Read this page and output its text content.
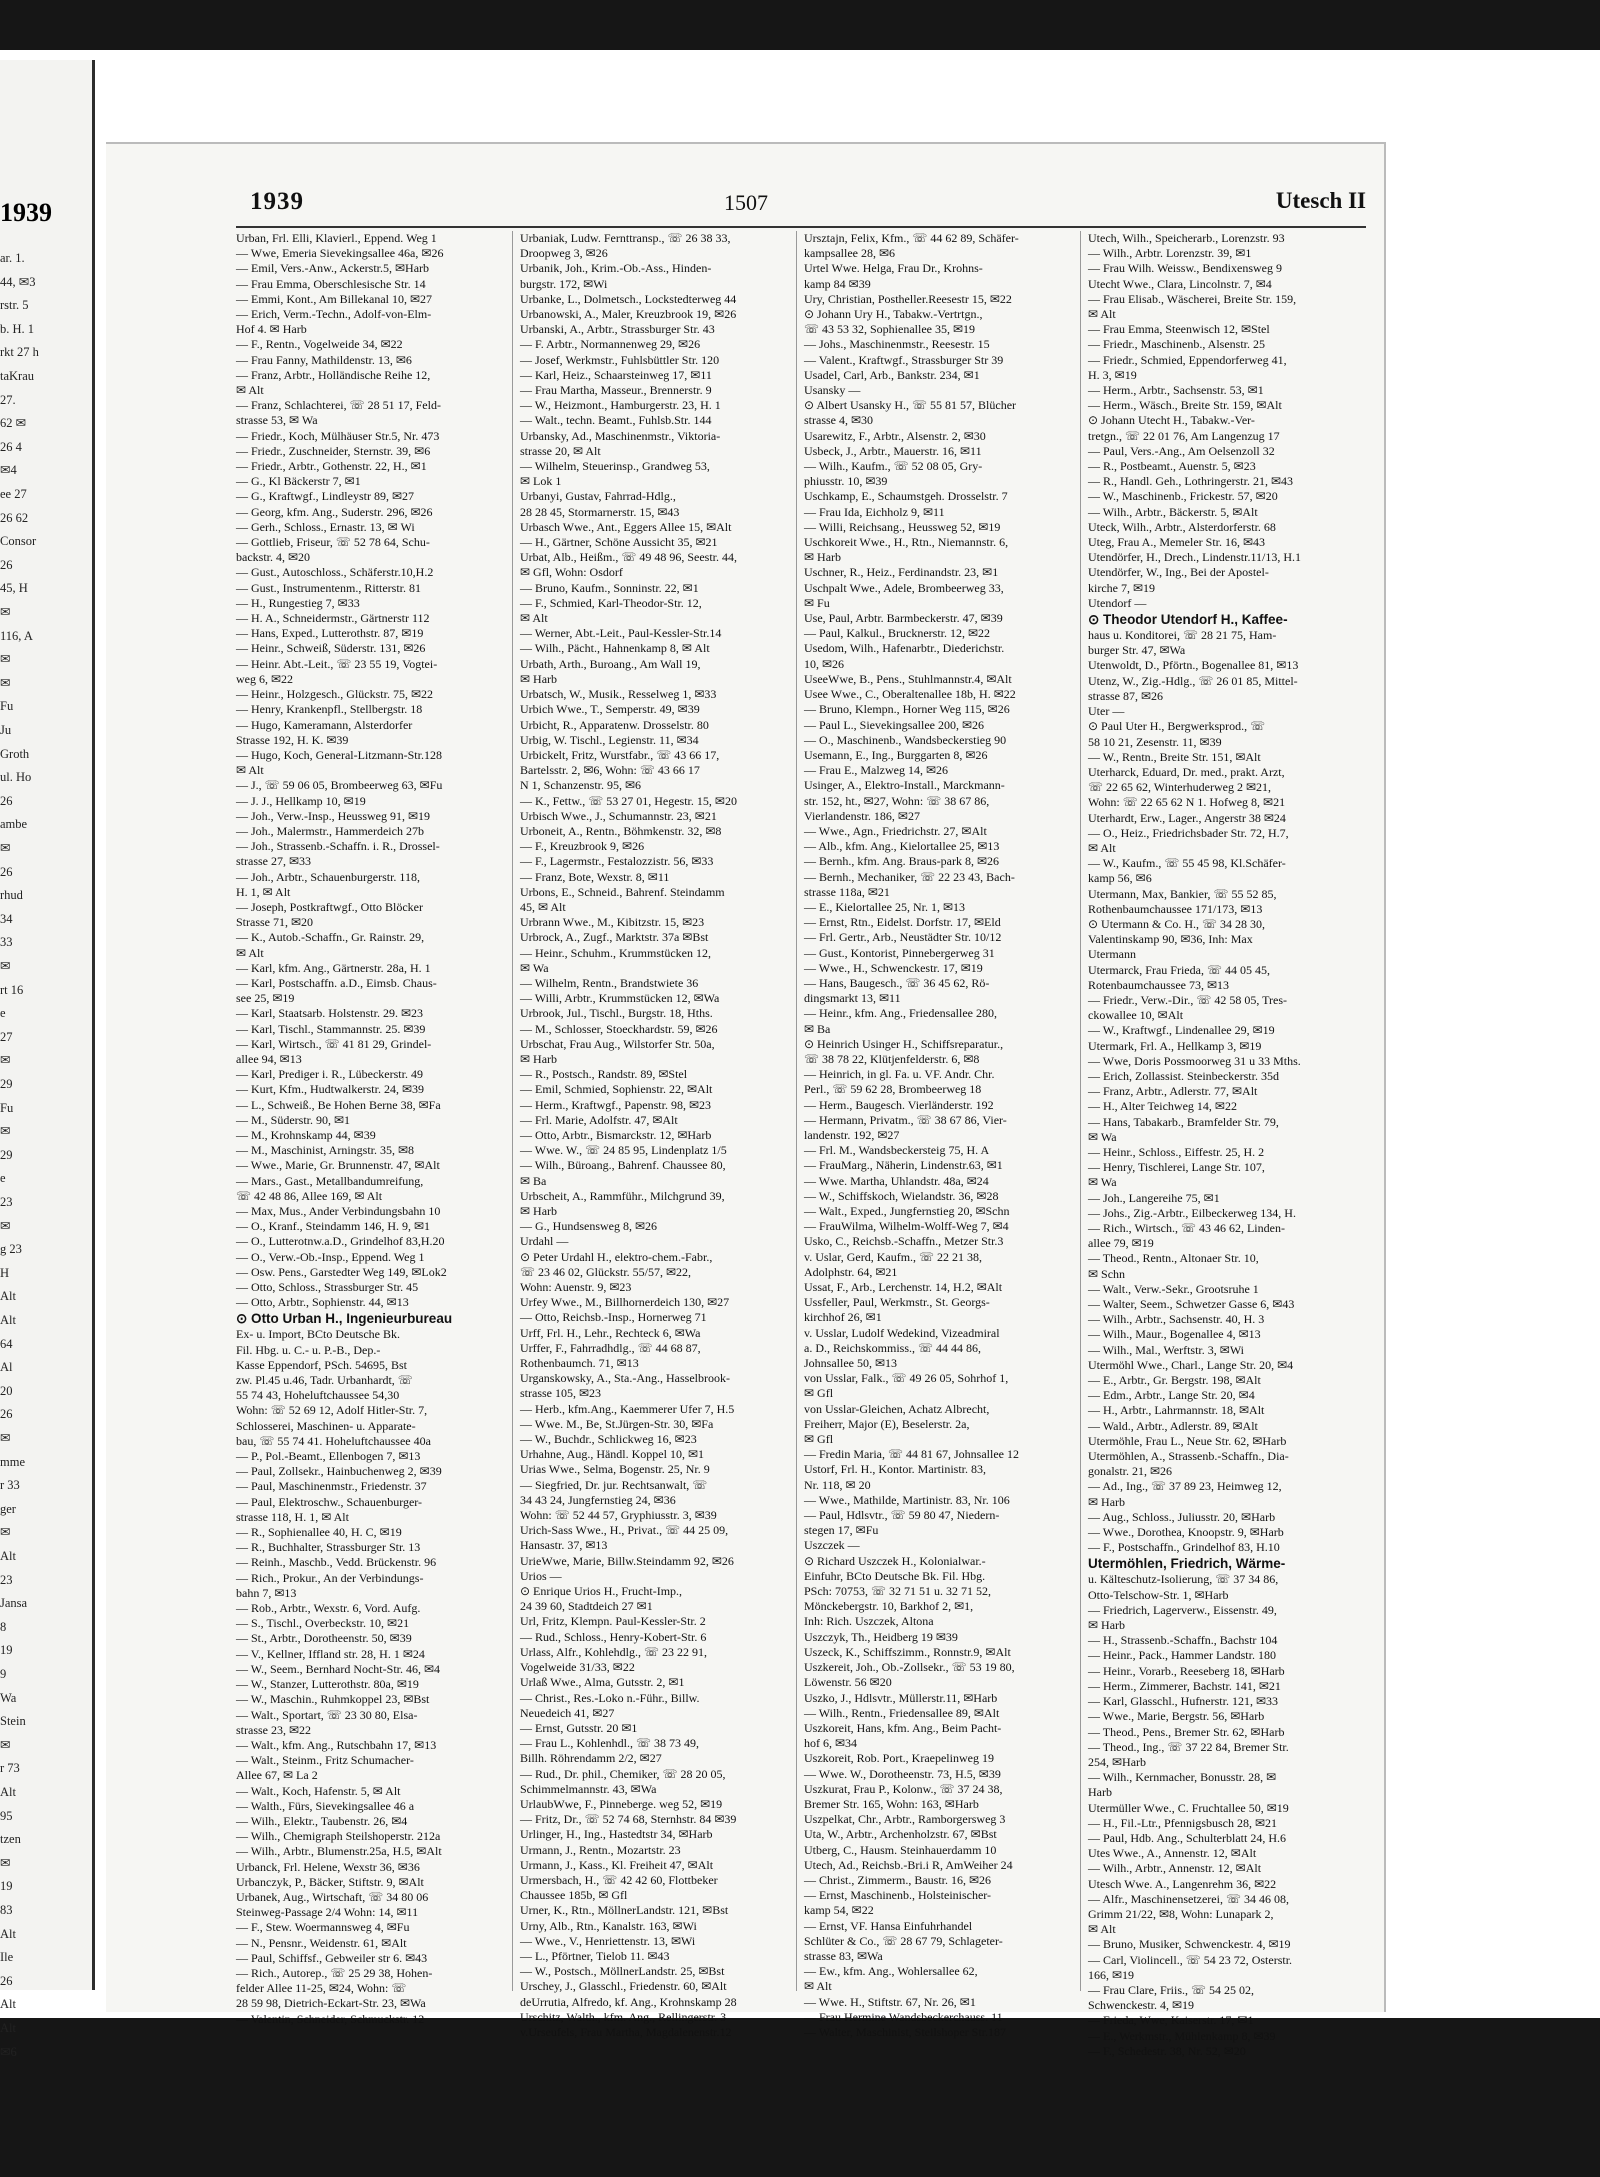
1939
ar. 1.
44, ✉3
rstr. 5
b. H. 1
rkt 27 h
taKrau
27.
62 ✉
26 4
✉4
ee 27
26 62
Consor
26
45, H
✉
116, A
✉
✉
Fu
Ju
Groth
ul. Ho
26
ambe
✉
26
rhud
34
33
✉
rt 16
e
27
✉
29
Fu
✉
29
e
23
✉
g 23
H
Alt
Alt
64
Al
20
26
✉
mme
r 33
ger
✉
Alt
23
Jansa
8
19
9
Wa
Stein
✉
r 73
Alt
95
tzen
✉
19
83
Alt
Ile
26
Alt
Alt
✉6
1939	1507	Utesch II
Urban, Frl. Elli, Klavierl., Eppend. Weg 1
— Wwe, Emeria Sievekingsallee 46a, ✉26
— Emil, Vers.-Anw., Ackerstr.5, ✉Harb
— Frau Emma, Oberschlesische Str. 14
— Emmi, Kont., Am Billekanal 10, ✉27
— Erich, Verm.-Techn., Adolf-von-Elm-
Hof 4. ✉ Harb
— F., Rentn., Vogelweide 34, ✉22
— Frau Fanny, Mathildenstr. 13, ✉6
— Franz, Arbtr., Holländische Reihe 12,
✉ Alt
— Franz, Schlachterei, ☏ 28 51 17, Feld-
strasse 53, ✉ Wa
— Friedr., Koch, Mülhäuser Str.5, Nr. 473
— Friedr., Zuschneider, Sternstr. 39, ✉6
— Friedr., Arbtr., Gothenstr. 22, H., ✉1
— G., Kl Bäckerstr 7, ✉1
— G., Kraftwgf., Lindleystr 89, ✉27
— Georg, kfm. Ang., Suderstr. 296, ✉26
— Gerh., Schloss., Ernastr. 13, ✉ Wi
— Gottlieb, Friseur, ☏ 52 78 64, Schu-
backstr. 4, ✉20
— Gust., Autoschloss., Schäferstr.10,H.2
— Gust., Instrumentenm., Ritterstr. 81
— H., Rungestieg 7, ✉33
— H. A., Schneidermstr., Gärtnerstr 112
— Hans, Exped., Lutterothstr. 87, ✉19
— Heinr., Schweiß, Süderstr. 131, ✉26
— Heinr. Abt.-Leit., ☏ 23 55 19, Vogtei-
weg 6, ✉22
— Heinr., Holzgesch., Glückstr. 75, ✉22
— Henry, Krankenpfl., Stellbergstr. 18
— Hugo, Kameramann, Alsterdorfer
Strasse 192, H. K. ✉39
— Hugo, Koch, General-Litzmann-Str.128
✉ Alt
— J., ☏ 59 06 05, Brombeerweg 63, ✉Fu
— J. J., Hellkamp 10, ✉19
— Joh., Verw.-Insp., Heussweg 91, ✉19
— Joh., Malermstr., Hammerdeich 27b
— Joh., Strassenb.-Schaffn. i. R., Drossel-
strasse 27, ✉33
— Joh., Arbtr., Schauenburgerstr. 118,
H. 1, ✉ Alt
— Joseph, Postkraftwgf., Otto Blöcker
Strasse 71, ✉20
— K., Autob.-Schaffn., Gr. Rainstr. 29,
✉ Alt
— Karl, kfm. Ang., Gärtnerstr. 28a, H. 1
— Karl, Postschaffn. a.D., Eimsb. Chaus-
see 25, ✉19
— Karl, Staatsarb. Holstenstr. 29. ✉23
— Karl, Tischl., Stammannstr. 25. ✉39
— Karl, Wirtsch., ☏ 41 81 29, Grindel-
allee 94, ✉13
— Karl, Prediger i. R., Lübeckerstr. 49
— Kurt, Kfm., Hudtwalkerstr. 24, ✉39
— L., Schweiß., Be Hohen Berne 38, ✉Fa
— M., Süderstr. 90, ✉1
— M., Krohnskamp 44, ✉39
— M., Maschinist, Arningstr. 35, ✉8
— Wwe., Marie, Gr. Brunnenstr. 47, ✉Alt
— Mars., Gast., Metallbandumreifung,
☏ 42 48 86, Allee 169, ✉ Alt
— Max, Mus., Ander Verbindungsbahn 10
— O., Kranf., Steindamm 146, H. 9, ✉1
— O., Lutterotnw.a.D., Grindelhof 83,H.20
— O., Verw.-Ob.-Insp., Eppend. Weg 1
— Osw. Pens., Garstedter Weg 149, ✉Lok2
— Otto, Schloss., Strassburger Str. 45
— Otto, Arbtr., Sophienstr. 44, ✉13
⊙ Otto Urban H., Ingenieurbureau
Ex- u. Import, BCto Deutsche Bk.
Fil. Hbg. u. C.- u. P.-B., Dep.-
Kasse Eppendorf, PSch. 54695, Bst
zw. Pl.45 u.46, Tadr. Urbanhardt, ☏
55 74 43, Hoheluftchaussee 54,30
Wohn: ☏ 52 69 12, Adolf Hitler-Str. 7,
Schlosserei, Maschinen- u. Apparate-
bau, ☏ 55 74 41. Hoheluftchaussee 40a
— P., Pol.-Beamt., Ellenbogen 7, ✉13
— Paul, Zollsekr., Hainbuchenweg 2, ✉39
— Paul, Maschinenmstr., Friedenstr. 37
— Paul, Elektroschw., Schauenburger-
strasse 118, H. 1, ✉ Alt
— R., Sophienallee 40, H. C, ✉19
— R., Buchhalter, Strassburger Str. 13
— Reinh., Maschb., Vedd. Brückenstr. 96
— Rich., Prokur., An der Verbindungs-
bahn 7, ✉13
— Rob., Arbtr., Wexstr. 6, Vord. Aufg.
— S., Tischl., Overbeckstr. 10, ✉21
— St., Arbtr., Dorotheenstr. 50, ✉39
— V., Kellner, Iffland str. 28, H. 1 ✉24
— W., Seem., Bernhard Nocht-Str. 46, ✉4
— W., Stanzer, Lutterothstr. 80a, ✉19
— W., Maschin., Ruhmkoppel 23, ✉Bst
— Walt., Sportart, ☏ 23 30 80, Elsa-
strasse 23, ✉22
— Walt., kfm. Ang., Rutschbahn 17, ✉13
— Walt., Steinm., Fritz Schumacher-
Allee 67, ✉ La 2
— Walt., Koch, Hafenstr. 5, ✉ Alt
— Walth., Fürs, Sievekingsallee 46 a
— Wilh., Elektr., Taubenstr. 26, ✉4
— Wilh., Chemigraph Steilshoperstr. 212a
— Wilh., Arbtr., Blumenstr.25a, H.5, ✉Alt
Urbanck, Frl. Helene, Wexstr 36, ✉36
Urbanczyk, P., Bäcker, Stiftstr. 9, ✉Alt
Urbanek, Aug., Wirtschaft, ☏ 34 80 06
Steinweg-Passage 2/4 Wohn: 14, ✉11
— F., Stew. Woermannsweg 4, ✉Fu
— N., Pensnr., Weidenstr. 61, ✉Alt
— Paul, Schiffsf., Gebweiler str 6. ✉43
— Rich., Autorep., ☏ 25 29 38, Hohen-
felder Allee 11-25, ✉24, Wohn: ☏
28 59 98, Dietrich-Eckart-Str. 23, ✉Wa
— Valentin, Schneider, Schmuckstr. 12
Urbaniak, Ludw. Fernttransp., ☏ 26 38 33,
Droopweg 3, ✉26
Urbanik, Joh., Krim.-Ob.-Ass., Hinden-
burgstr. 172, ✉Wi
Urbanke, L., Dolmetsch., Lockstedterweg 44
Urbanowski, A., Maler, Kreuzbrook 19, ✉26
Urbanski, A., Arbtr., Strassburger Str. 43
— F. Arbtr., Normannenweg 29, ✉26
— Josef, Werkmstr., Fuhlsbüttler Str. 120
— Karl, Heiz., Schaarsteinweg 17, ✉11
— Frau Martha, Masseur., Brennerstr. 9
— W., Heizmont., Hamburgerstr. 23, H. 1
— Walt., techn. Beamt., Fuhlsb.Str. 144
Urbansky, Ad., Maschinenmstr., Viktoria-
strasse 20, ✉ Alt
— Wilhelm, Steuerinsp., Grandweg 53,
✉ Lok 1
Urbanyi, Gustav, Fahrrad-Hdlg.,
28 28 45, Stormarnerstr. 15, ✉43
Urbasch Wwe., Ant., Eggers Allee 15, ✉Alt
— H., Gärtner, Schöne Aussicht 35, ✉21
Urbat, Alb., Heißm., ☏ 49 48 96, Seestr. 44,
✉ Gfl, Wohn: Osdorf
— Bruno, Kaufm., Sonninstr. 22, ✉1
— F., Schmied, Karl-Theodor-Str. 12,
✉ Alt
— Werner, Abt.-Leit., Paul-Kessler-Str.14
— Wilh., Pächt., Hahnenkamp 8, ✉ Alt
Urbath, Arth., Buroang., Am Wall 19,
✉ Harb
Urbatsch, W., Musik., Resselweg 1, ✉33
Urbich Wwe., T., Semperstr. 49, ✉39
Urbicht, R., Apparatenw. Drosselstr. 80
Urbig, W. Tischl., Legienstr. 11, ✉34
Urbickelt, Fritz, Wurstfabr., ☏ 43 66 17,
Bartelsstr. 2, ✉6, Wohn: ☏ 43 66 17
N 1, Schanzenstr. 95, ✉6
— K., Fettw., ☏ 53 27 01, Hegestr. 15, ✉20
Urbisch Wwe., J., Schumannstr. 23, ✉21
Urboneit, A., Rentn., Böhmkenstr. 32, ✉8
— F., Kreuzbrook 9, ✉26
— F., Lagermstr., Festalozzistr. 56, ✉33
— Franz, Bote, Wexstr. 8, ✉11
Urbons, E., Schneid., Bahrenf. Steindamm
45, ✉ Alt
Urbrann Wwe., M., Kibitzstr. 15, ✉23
Urbrock, A., Zugf., Marktstr. 37a ✉Bst
— Heinr., Schuhm., Krummstücken 12,
✉ Wa
— Wilhelm, Rentn., Brandstwiete 36
— Willi, Arbtr., Krummstücken 12, ✉Wa
Urbrook, Jul., Tischl., Burgstr. 18, Hths.
— M., Schlosser, Stoeckhardstr. 59, ✉26
Urbschat, Frau Aug., Wilstorfer Str. 50a,
✉ Harb
— R., Postsch., Randstr. 89, ✉Stel
— Emil, Schmied, Sophienstr. 22, ✉Alt
— Herm., Kraftwgf., Papenstr. 98, ✉23
— Frl. Marie, Adolfstr. 47, ✉Alt
— Otto, Arbtr., Bismarckstr. 12, ✉Harb
— Wwe. W., ☏ 24 85 95, Lindenplatz 1/5
— Wilh., Büroang., Bahrenf. Chaussee 80,
✉ Ba
Urbscheit, A., Rammführ., Milchgrund 39,
✉ Harb
— G., Hundsensweg 8, ✉26
Urdahl —
⊙ Peter Urdahl H., elektro-chem.-Fabr.,
☏ 23 46 02, Glückstr. 55/57, ✉22,
Wohn: Auenstr. 9, ✉23
Urfey Wwe., M., Billhornerdeich 130, ✉27
— Otto, Reichsb.-Insp., Hornerweg 71
Urff, Frl. H., Lehr., Rechteck 6, ✉Wa
Urffer, F., Fahrradhdlg., ☏ 44 68 87,
Rothenbaumch. 71, ✉13
Urganskowsky, A., Sta.-Ang., Hasselbrook-
strasse 105, ✉23
— Herb., kfm.Ang., Kaemmerer Ufer 7, H.5
— Wwe. M., Be, St.Jürgen-Str. 30, ✉Fa
— W., Buchdr., Schlickweg 16, ✉23
Urhahne, Aug., Händl. Koppel 10, ✉1
Urias Wwe., Selma, Bogenstr. 25, Nr. 9
— Siegfried, Dr. jur. Rechtsanwalt, ☏
34 43 24, Jungfernstieg 24, ✉36
Wohn: ☏ 52 44 57, Gryphiusstr. 3, ✉39
Urich-Sass Wwe., H., Privat., ☏ 44 25 09,
Hansastr. 37, ✉13
UrieWwe, Marie, Billw.Steindamm 92, ✉26
Urios —
⊙ Enrique Urios H., Frucht-Imp.,
24 39 60, Stadtdeich 27 ✉1
Url, Fritz, Klempn. Paul-Kessler-Str. 2
— Rud., Schloss., Henry-Kobert-Str. 6
Urlass, Alfr., Kohlehdlg., ☏ 23 22 91,
Vogelweide 31/33, ✉22
Urlaß Wwe., Alma, Gutsstr. 2, ✉1
— Christ., Res.-Loko n.-Führ., Billw.
Neuedeich 41, ✉27
— Ernst, Gutsstr. 20 ✉1
— Frau L., Kohlenhdl., ☏ 38 73 49,
Billh. Röhrendamm 2/2, ✉27
— Rud., Dr. phil., Chemiker, ☏ 28 20 05,
Schimmelmannstr. 43, ✉Wa
UrlaubWwe, F., Pinneberge. weg 52, ✉19
— Fritz, Dr., ☏ 52 74 68, Sternhstr. 84 ✉39
Urlinger, H., Ing., Hastedtstr 34, ✉Harb
Urmann, J., Rentn., Mozartstr. 23
Urmann, J., Kass., Kl. Freiheit 47, ✉Alt
Urmersbach, H., ☏ 42 42 60, Flottbeker
Chaussee 185b, ✉ Gfl
Urner, K., Rtn., MöllnerLandstr. 121, ✉Bst
Urny, Alb., Rtn., Kanalstr. 163, ✉Wi
— Wwe., V., Henriettenstr. 13, ✉Wi
— L., Pförtner, Tielob 11. ✉43
— W., Postsch., MöllnerLandstr. 25, ✉Bst
Urschey, J., Glasschl., Friedenstr. 60, ✉Alt
deUrrutia, Alfredo, kf. Ang., Krohnskamp 28
Urschitz, Walth., kfm. Ang., Rellingerstr. 3
v.Urseufels, Frau Martha, Magdalenenstr.12
Ursztajn, Felix, Kfm., ☏ 44 62 89, Schäfer-
kampsallee 28, ✉6
Urtel Wwe. Helga, Frau Dr., Krohns-
kamp 84 ✉39
Ury, Christian, Postheller.Reesestr 15, ✉22
⊙ Johann Ury H., Tabakw.-Vertrtgn.,
☏ 43 53 32, Sophienallee 35, ✉19
— Johs., Maschinenmstr., Reesestr. 15
— Valent., Kraftwgf., Strassburger Str 39
Usadel, Carl, Arb., Bankstr. 234, ✉1
Usansky —
⊙ Albert Usansky H., ☏ 55 81 57, Blücher
strasse 4, ✉30
Usarewitz, F., Arbtr., Alsenstr. 2, ✉30
Usbeck, J., Arbtr., Mauerstr. 16, ✉11
— Wilh., Kaufm., ☏ 52 08 05, Gry-
phiusstr. 10, ✉39
Uschkamp, E., Schaumstgeh. Drosselstr. 7
— Frau Ida, Eichholz 9, ✉11
— Willi, Reichsang., Heussweg 52, ✉19
Uschkoreit Wwe., H., Rtn., Niemannstr. 6,
✉ Harb
Uschner, R., Heiz., Ferdinandstr. 23, ✉1
Uschpalt Wwe., Adele, Brombeerweg 33,
✉ Fu
Use, Paul, Arbtr. Barmbeckerstr. 47, ✉39
— Paul, Kalkul., Brucknerstr. 12, ✉22
Usedom, Wilh., Hafenarbtr., Diederichstr.
10, ✉26
UseeWwe, B., Pens., Stuhlmannstr.4, ✉Alt
Usee Wwe., C., Oberaltenallee 18b, H. ✉22
— Bruno, Klempn., Horner Weg 115, ✉26
— Paul L., Sievekingsallee 200, ✉26
— O., Maschinenb., Wandsbeckerstieg 90
Usemann, E., Ing., Burggarten 8, ✉26
— Frau E., Malzweg 14, ✉26
Usinger, A., Elektro-Install., Marckmann-
str. 152, ht., ✉27, Wohn: ☏ 38 67 86,
Vierlandenstr. 186, ✉27
— Wwe., Agn., Friedrichstr. 27, ✉Alt
— Alb., kfm. Ang., Kielortallee 25, ✉13
— Bernh., kfm. Ang. Braus-park 8, ✉26
— Bernh., Mechaniker, ☏ 22 23 43, Bach-
strasse 118a, ✉21
— E., Kielortallee 25, Nr. 1, ✉13
— Ernst, Rtn., Eidelst. Dorfstr. 17, ✉Eld
— Frl. Gertr., Arb., Neustädter Str. 10/12
— Gust., Kontorist, Pinnebergerweg 31
— Wwe., H., Schwenckestr. 17, ✉19
— Hans, Baugesch., ☏ 36 45 62, Rö-
dingsmarkt 13, ✉11
— Heinr., kfm. Ang., Friedensallee 280,
✉ Ba
⊙ Heinrich Usinger H., Schiffsreparatur.,
☏ 38 78 22, Klütjenfelderstr. 6, ✉8
— Heinrich, in gl. Fa. u. VF. Andr. Chr.
Perl., ☏ 59 62 28, Brombeerweg 18
— Herm., Baugesch. Vierländerstr. 192
— Hermann, Privatm., ☏ 38 67 86, Vier-
landenstr. 192, ✉27
— Frl. M., Wandsbeckersteig 75, H. A
— FrauMarg., Näherin, Lindenstr.63, ✉1
— Wwe. Martha, Uhlandstr. 48a, ✉24
— W., Schiffskoch, Wielandstr. 36, ✉28
— Walt., Exped., Jungfernstieg 20, ✉Schn
— FrauWilma, Wilhelm-Wolff-Weg 7, ✉4
Usko, C., Reichsb.-Schaffn., Metzer Str.3
v. Uslar, Gerd, Kaufm., ☏ 22 21 38,
Adolphstr. 64, ✉21
Ussat, F., Arb., Lerchenstr. 14, H.2, ✉Alt
Ussfeller, Paul, Werkmstr., St. Georgs-
kirchhof 26, ✉1
v. Usslar, Ludolf Wedekind, Vizeadmiral
a. D., Reichskommiss., ☏ 44 44 86,
Johnsallee 50, ✉13
von Usslar, Falk., ☏ 49 26 05, Sohrhof 1,
✉ Gfl
von Usslar-Gleichen, Achatz Albrecht,
Freiherr, Major (E), Beselerstr. 2a,
✉ Gfl
— Fredin Maria, ☏ 44 81 67, Johnsallee 12
Ustorf, Frl. H., Kontor. Martinistr. 83,
Nr. 118, ✉ 20
— Wwe., Mathilde, Martinistr. 83, Nr. 106
— Paul, Hdlsvtr., ☏ 59 80 47, Niedern-
stegen 17, ✉Fu
Uszczek —
⊙ Richard Uszczek H., Kolonialwar.-
Einfuhr, BCto Deutsche Bk. Fil. Hbg.
PSch: 70753, ☏ 32 71 51 u. 32 71 52,
Mönckebergstr. 10, Barkhof 2, ✉1,
Inh: Rich. Uszczek, Altona
Uszczyk, Th., Heidberg 19 ✉39
Uszeck, K., Schiffszimm., Ronnstr.9, ✉Alt
Uszkereit, Joh., Ob.-Zollsekr., ☏ 53 19 80,
Löwenstr. 56 ✉20
Uszko, J., Hdlsvtr., Müllerstr.11, ✉Harb
— Wilh., Rentn., Friedensallee 89, ✉Alt
Uszkoreit, Hans, kfm. Ang., Beim Pacht-
hof 6, ✉34
Uszkoreit, Rob. Port., Kraepelinweg 19
— Wwe. W., Dorotheenstr. 73, H.5, ✉39
Uszkurat, Frau P., Kolonw., ☏ 37 24 38,
Bremer Str. 165, Wohn: 163, ✉Harb
Uszpelkat, Chr., Arbtr., Ramborgersweg 3
Uta, W., Arbtr., Archenholzstr. 67, ✉Bst
Utberg, C., Hausm. Steinhauerdamm 10
Utech, Ad., Reichsb.-Bri.i R, AmWeiher 24
— Christ., Zimmerm., Baustr. 16, ✉26
— Ernst, Maschinenb., Holsteinischer-
kamp 54, ✉22
— Ernst, VF. Hansa Einfuhrhandel
Schlüter & Co., ☏ 28 67 79, Schlageter-
strasse 83, ✉Wa
— Ew., kfm. Ang., Wohlersallee 62,
✉ Alt
— Wwe. H., Stiftstr. 67, Nr. 26, ✉1
— Frau Hermine Wandsbeckerchauss. 11
— Walter, Maschinist, Steilshoper Str.187
Utech, Wilh., Speicherarb., Lorenzstr. 93
— Wilh., Arbtr. Lorenzstr. 39, ✉1
— Frau Wilh. Weissw., Bendixensweg 9
Utecht Wwe., Clara, Lincolnstr. 7, ✉4
— Frau Elisab., Wäscherei, Breite Str. 159,
✉ Alt
— Frau Emma, Steenwisch 12, ✉Stel
— Friedr., Maschinenb., Alsenstr. 25
— Friedr., Schmied, Eppendorferweg 41,
H. 3, ✉19
— Herm., Arbtr., Sachsenstr. 53, ✉1
— Herm., Wäsch., Breite Str. 159, ✉Alt
⊙ Johann Utecht H., Tabakw.-Ver-
tretgn., ☏ 22 01 76, Am Langenzug 17
— Paul, Vers.-Ang., Am Oelsenzoll 32
— R., Postbeamt., Auenstr. 5, ✉23
— R., Handl. Geh., Lothringerstr. 21, ✉43
— W., Maschinenb., Frickestr. 57, ✉20
— Wilh., Arbtr., Bäckerstr. 5, ✉Alt
Uteck, Wilh., Arbtr., Alsterdorferstr. 68
Uteg, Frau A., Memeler Str. 16, ✉43
Utendörfer, H., Drech., Lindenstr.11/13, H.1
Utendörfer, W., Ing., Bei der Apostel-
kirche 7, ✉19
Utendorf —
⊙ Theodor Utendorf H., Kaffee-
haus u. Konditorei, ☏ 28 21 75, Ham-
burger Str. 47, ✉Wa
Utenwoldt, D., Pförtn., Bogenallee 81, ✉13
Utenz, W., Zig.-Hdlg., ☏ 26 01 85, Mittel-
strasse 87, ✉26
Uter —
⊙ Paul Uter H., Bergwerksprod., ☏
58 10 21, Zesenstr. 11, ✉39
— W., Rentn., Breite Str. 151, ✉Alt
Uterharck, Eduard, Dr. med., prakt. Arzt,
☏ 22 65 62, Winterhuderweg 2 ✉21,
Wohn: ☏ 22 65 62 N 1. Hofweg 8, ✉21
Uterhardt, Erw., Lager., Angerstr 38 ✉24
— O., Heiz., Friedrichsbader Str. 72, H.7,
✉ Alt
— W., Kaufm., ☏ 55 45 98, Kl.Schäfer-
kamp 56, ✉6
Utermann, Max, Bankier, ☏ 55 52 85,
Rothenbaumchaussee 171/173, ✉13
⊙ Utermann & Co. H., ☏ 34 28 30,
Valentinskamp 90, ✉36, Inh: Max
Utermann
Utermarck, Frau Frieda, ☏ 44 05 45,
Rotenbaumchaussee 73, ✉13
— Friedr., Verw.-Dir., ☏ 42 58 05, Tres-
ckowallee 10, ✉Alt
— W., Kraftwgf., Lindenallee 29, ✉19
Utermark, Frl. A., Hellkamp 3, ✉19
— Wwe, Doris Possmoorweg 31 u 33 Mths.
— Erich, Zollassist. Steinbeckerstr. 35d
— Franz, Arbtr., Adlerstr. 77, ✉Alt
— H., Alter Teichweg 14, ✉22
— Hans, Tabakarb., Bramfelder Str. 79,
✉ Wa
— Heinr., Schloss., Eiffestr. 25, H. 2
— Henry, Tischlerei, Lange Str. 107,
✉ Wa
— Joh., Langereihe 75, ✉1
— Johs., Zig.-Arbtr., Eilbeckerweg 134, H.
— Rich., Wirtsch., ☏ 43 46 62, Linden-
allee 79, ✉19
— Theod., Rentn., Altonaer Str. 10,
✉ Schn
— Walt., Verw.-Sekr., Grootsruhe 1
— Walter, Seem., Schwetzer Gasse 6, ✉43
— Wilh., Arbtr., Sachsenstr. 40, H. 3
— Wilh., Maur., Bogenallee 4, ✉13
— Wilh., Mal., Werftstr. 3, ✉Wi
Utermöhl Wwe., Charl., Lange Str. 20, ✉4
— E., Arbtr., Gr. Bergstr. 198, ✉Alt
— Edm., Arbtr., Lange Str. 20, ✉4
— H., Arbtr., Lahrmannstr. 18, ✉Alt
— Wald., Arbtr., Adlerstr. 89, ✉Alt
Utermöhle, Frau L., Neue Str. 62, ✉Harb
Utermöhlen, A., Strassenb.-Schaffn., Dia-
gonalstr. 21, ✉26
— Ad., Ing., ☏ 37 89 23, Heimweg 12,
✉ Harb
— Aug., Schloss., Juliusstr. 20, ✉Harb
— Wwe., Dorothea, Knoopstr. 9, ✉Harb
— F., Postschaffn., Grindelhof 83, H.10
Utermöhlen, Friedrich, Wärme-
u. Kälteschutz-Isolierung, ☏ 37 34 86,
Otto-Telschow-Str. 1, ✉Harb
— Friedrich, Lagerverw., Eissenstr. 49,
✉ Harb
— H., Strassenb.-Schaffn., Bachstr 104
— Heinr., Pack., Hammer Landstr. 180
— Heinr., Vorarb., Reeseberg 18, ✉Harb
— Herm., Zimmerer, Bachstr. 141, ✉21
— Karl, Glasschl., Hufnerstr. 121, ✉33
— Wwe., Marie, Bergstr. 56, ✉Harb
— Theod., Pens., Bremer Str. 62, ✉Harb
— Theod., Ing., ☏ 37 22 84, Bremer Str.
254, ✉Harb
— Wilh., Kernmacher, Bonusstr. 28, ✉
Harb
Utermüller Wwe., C. Fruchtallee 50, ✉19
— H., Fil.-Ltr., Pfennigsbusch 28, ✉21
— Paul, Hdb. Ang., Schulterblatt 24, H.6
Utes Wwe., A., Annenstr. 12, ✉Alt
— Wilh., Arbtr., Annenstr. 12, ✉Alt
Utesch Wwe. A., Langenrehm 36, ✉22
— Alfr., Maschinensetzerei, ☏ 34 46 08,
Grimm 21/22, ✉8, Wohn: Lunapark 2,
✉ Alt
— Bruno, Musiker, Schwenckestr. 4, ✉19
— Carl, Violincell., ☏ 54 23 72, Osterstr.
166, ✉19
— Frau Clare, Friis., ☏ 54 25 02,
Schwenckestr. 4, ✉19
— Frieda, Wwe, Kaiserstr. 17, ✉1
— E., Werkmstr., Mühlenkamp 8, ✉39
— F., Schedestr. 38, Nr. 52, ✉20
